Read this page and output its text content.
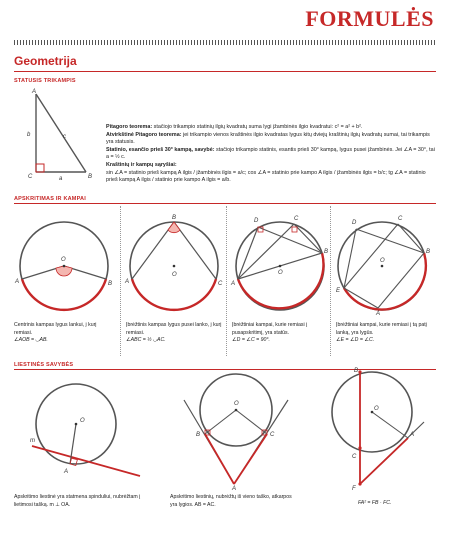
FORMULĖS
Geometrija
STATUSIS TRIKAMPIS
A
C	B
b	c
a
Pitagoro teorema: stačiojo trikampio statinių ilgių kvadratų suma lygi įžambinės ilgio kvadratui: c² = a² + b².
Atvirkštinė Pitagoro teorema: jei trikampio vienos kraštinės ilgio kvadratas lygus kitų dviejų kraštinių ilgių kvadratų sumai, tai trikampis yra statusis.
Statinio, esančio prieš 30° kampą, savybė: stačiojo trikampio statinis, esantis prieš 30° kampą, lygus pusei įžambinės. Jei ∠A = 30°, tai a = ½ c.
Kraštinių ir kampų sąryšiai:
sin ∠A = statinio prieš kampą A ilgis / įžambinės ilgis = a/c; cos ∠A = statinio prie kampo A ilgis / įžambinės ilgis = b/c; tg ∠A = statinio prieš kampą A ilgis / statinio prie kampo A ilgis = a/b.
APSKRITIMAS IR KAMPAI
O
A	B
B
O
A	C
D	C
B
O
A
D
C
B
O
E
A
Centrinis kampas lygus lankui, į kurį remiasi.
∠AOB = ◡AB.
Įbrėžtinis kampas lygus pusei lanko, į kurį remiasi.
∠ABC = ½ ◡AC.
Įbrėžtiniai kampai, kurie remiasi į pusapskritimį, yra statūs.
∠D = ∠C = 90°.
Įbrėžtiniai kampai, kurie remiasi į tą patį lanką, yra lygūs.
∠E = ∠D = ∠C.
LIESTINĖS SAVYBĖS
O
A
m
O
B	C
A
B
C
F
A
O
Apskritimo liestinė yra statmena spinduliui, nubrėžtam į lietimosi tašką. m ⊥ OA.
Apskritimo liestinių, nubrėžtų iš vieno taško, atkarpos yra lygios. AB = AC.	FA² = FB · FC.
